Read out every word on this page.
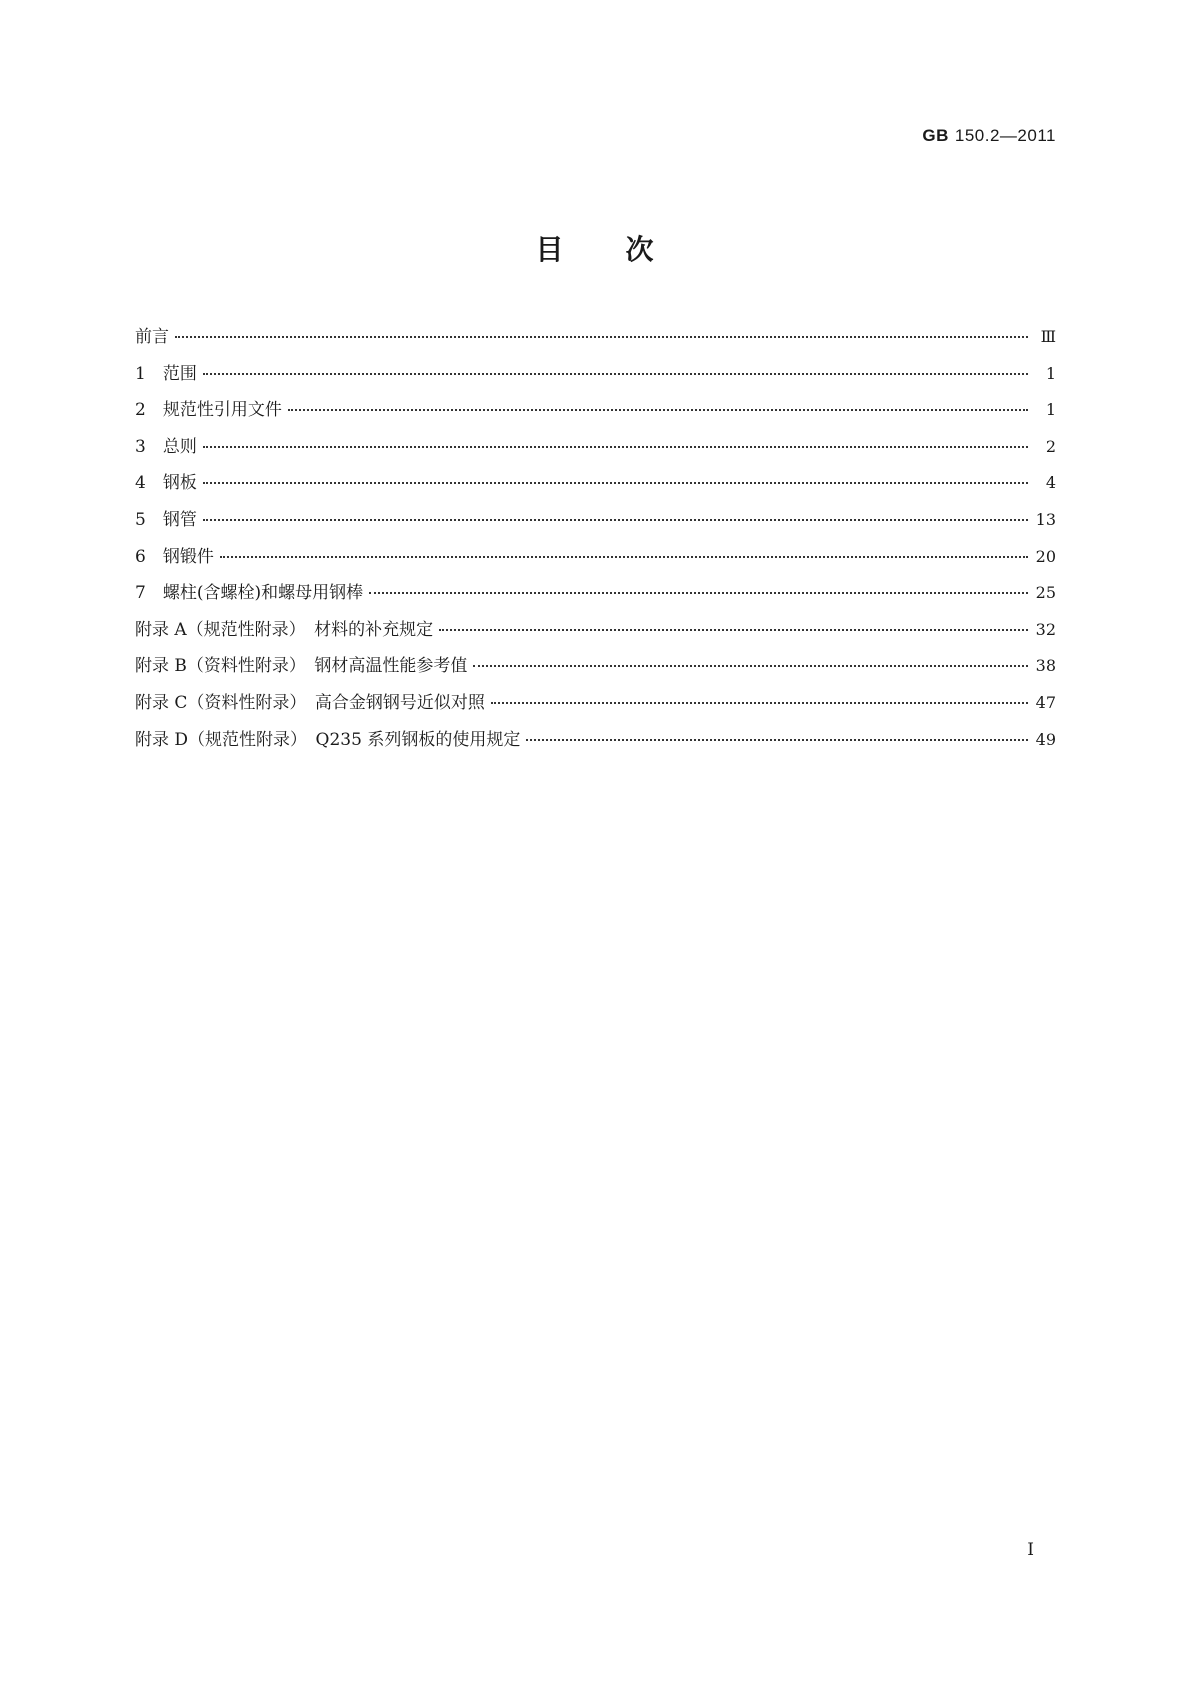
GB 150.2—2011
目　　次
前言	Ⅲ
1　范围	1
2　规范性引用文件	1
3　总则	2
4　钢板	4
5　钢管	13
6　钢锻件	20
7　螺柱(含螺栓)和螺母用钢棒	25
附录 A（规范性附录）　材料的补充规定	32
附录 B（资料性附录）　钢材高温性能参考值	38
附录 C（资料性附录）　高合金钢钢号近似对照	47
附录 D（规范性附录）　Q235 系列钢板的使用规定	49
I
